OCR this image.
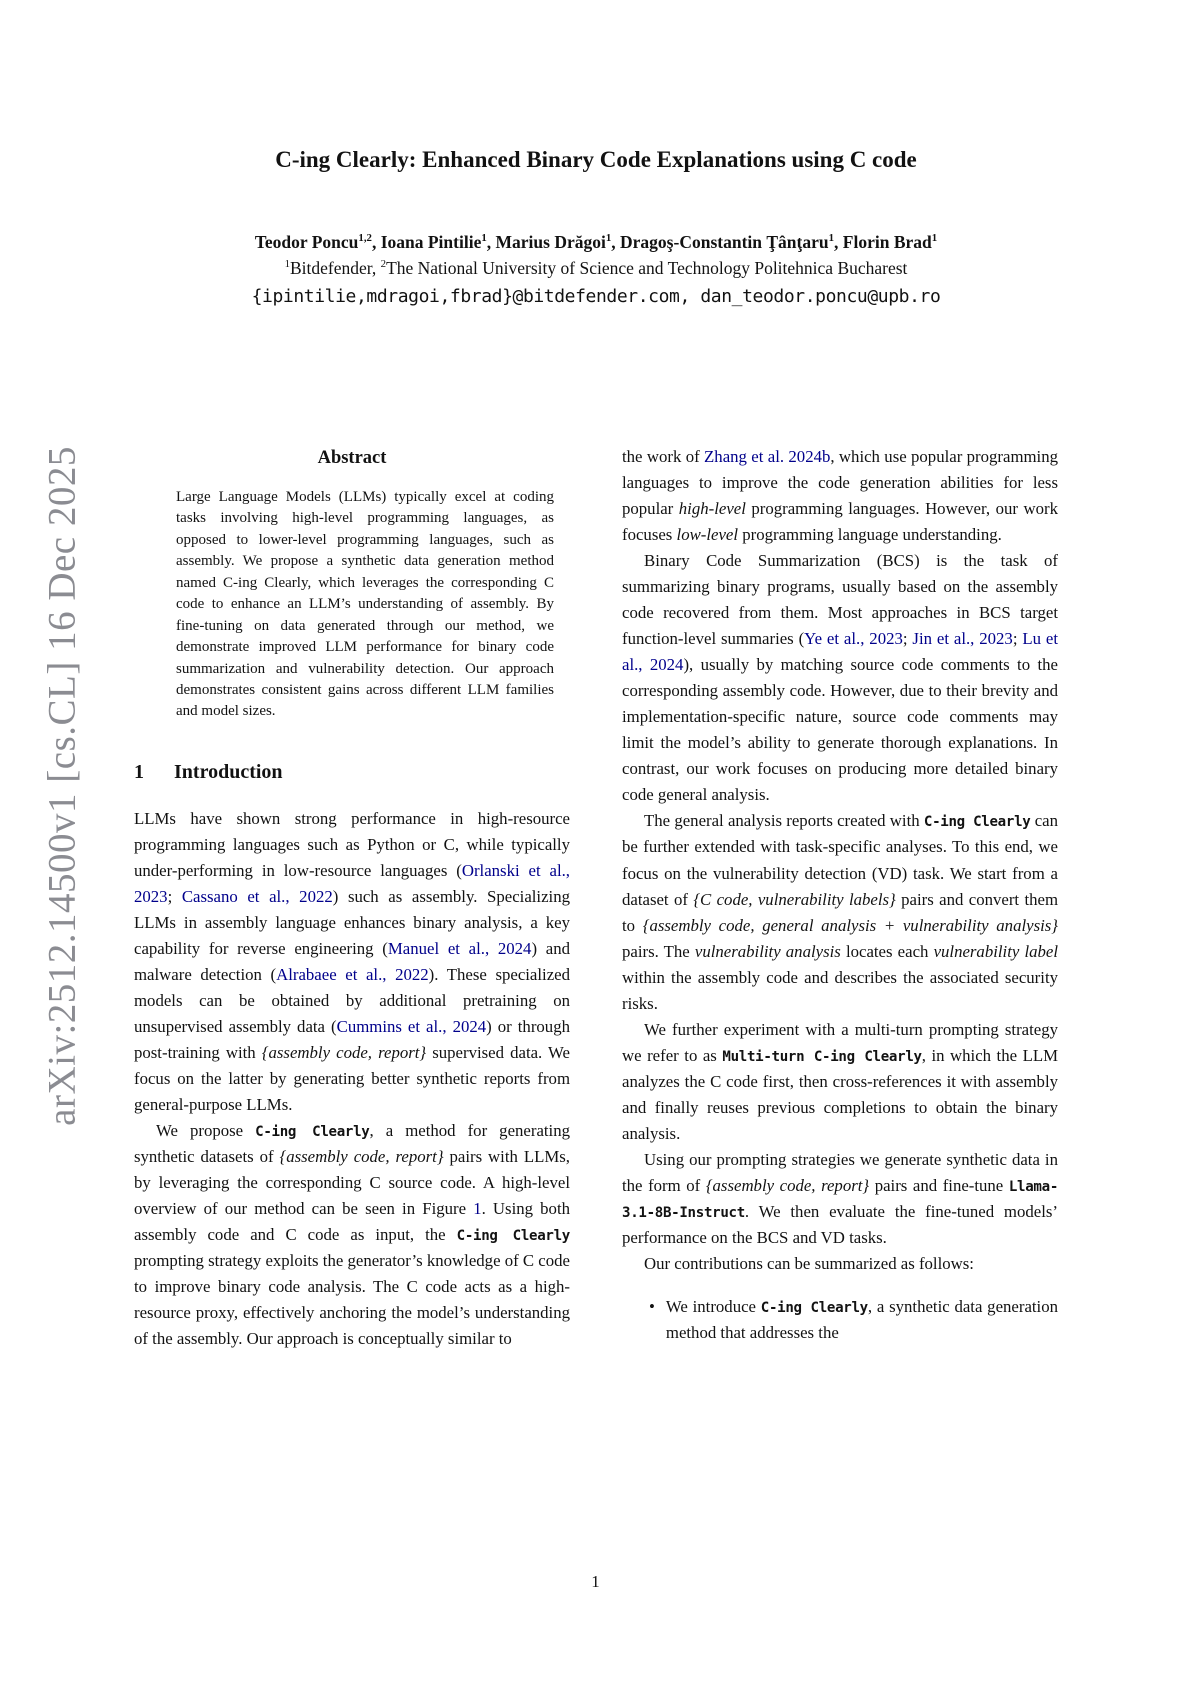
arXiv:2512.14500v1 [cs.CL] 16 Dec 2025
C-ing Clearly: Enhanced Binary Code Explanations using C code
Teodor Poncu$^{1,2}$, Ioana Pintilie$^1$, Marius Drăgoi$^1$, Dragoş-Constantin Ţânţaru$^1$, Florin Brad$^1$
$^1$Bitdefender, $^2$The National University of Science and Technology Politehnica Bucharest
{ipintilie,mdragoi,fbrad}@bitdefender.com, dan_teodor.poncu@upb.ro
Abstract

Large Language Models (LLMs) typically excel at coding tasks involving high-level programming languages, as opposed to lower-level programming languages, such as assembly. We propose a synthetic data generation method named C-ing Clearly, which leverages the corresponding C code to enhance an LLM’s understanding of assembly. By fine-tuning on data generated through our method, we demonstrate improved LLM performance for binary code summarization and vulnerability detection. Our approach demonstrates consistent gains across different LLM families and model sizes.

1 Introduction

LLMs have shown strong performance in high-resource programming languages such as Python or C, while typically under-performing in low-resource languages (Orlanski et al., 2023; Cassano et al., 2022) such as assembly. Specializing LLMs in assembly language enhances binary analysis, a key capability for reverse engineering (Manuel et al., 2024) and malware detection (Alrabaee et al., 2022). These specialized models can be obtained by additional pretraining on unsupervised assembly data (Cummins et al., 2024) or through post-training with {assembly code, report} supervised data. We focus on the latter by generating better synthetic reports from general-purpose LLMs.

We propose C-ing Clearly, a method for generating synthetic datasets of {assembly code, report} pairs with LLMs, by leveraging the corresponding C source code. A high-level overview of our method can be seen in Figure 1. Using both assembly code and C code as input, the C-ing Clearly prompting strategy exploits the generator’s knowledge of C code to improve binary code analysis. The C code acts as a high-resource proxy, effectively anchoring the model’s understanding of the assembly. Our approach is conceptually similar to

the work of Zhang et al. 2024b, which use popular programming languages to improve the code generation abilities for less popular high-level programming languages. However, our work focuses low-level programming language understanding.

Binary Code Summarization (BCS) is the task of summarizing binary programs, usually based on the assembly code recovered from them. Most approaches in BCS target function-level summaries (Ye et al., 2023; Jin et al., 2023; Lu et al., 2024), usually by matching source code comments to the corresponding assembly code. However, due to their brevity and implementation-specific nature, source code comments may limit the model’s ability to generate thorough explanations. In contrast, our work focuses on producing more detailed binary code general analysis.

The general analysis reports created with C-ing Clearly can be further extended with task-specific analyses. To this end, we focus on the vulnerability detection (VD) task. We start from a dataset of {C code, vulnerability labels} pairs and convert them to {assembly code, general analysis + vulnerability analysis} pairs. The vulnerability analysis locates each vulnerability label within the assembly code and describes the associated security risks.

We further experiment with a multi-turn prompting strategy we refer to as Multi-turn C-ing Clearly, in which the LLM analyzes the C code first, then cross-references it with assembly and finally reuses previous completions to obtain the binary analysis.

Using our prompting strategies we generate synthetic data in the form of {assembly code, report} pairs and fine-tune Llama-3.1-8B-Instruct. We then evaluate the fine-tuned models’ performance on the BCS and VD tasks.

Our contributions can be summarized as follows:

• We introduce C-ing Clearly, a synthetic data generation method that addresses the

1
